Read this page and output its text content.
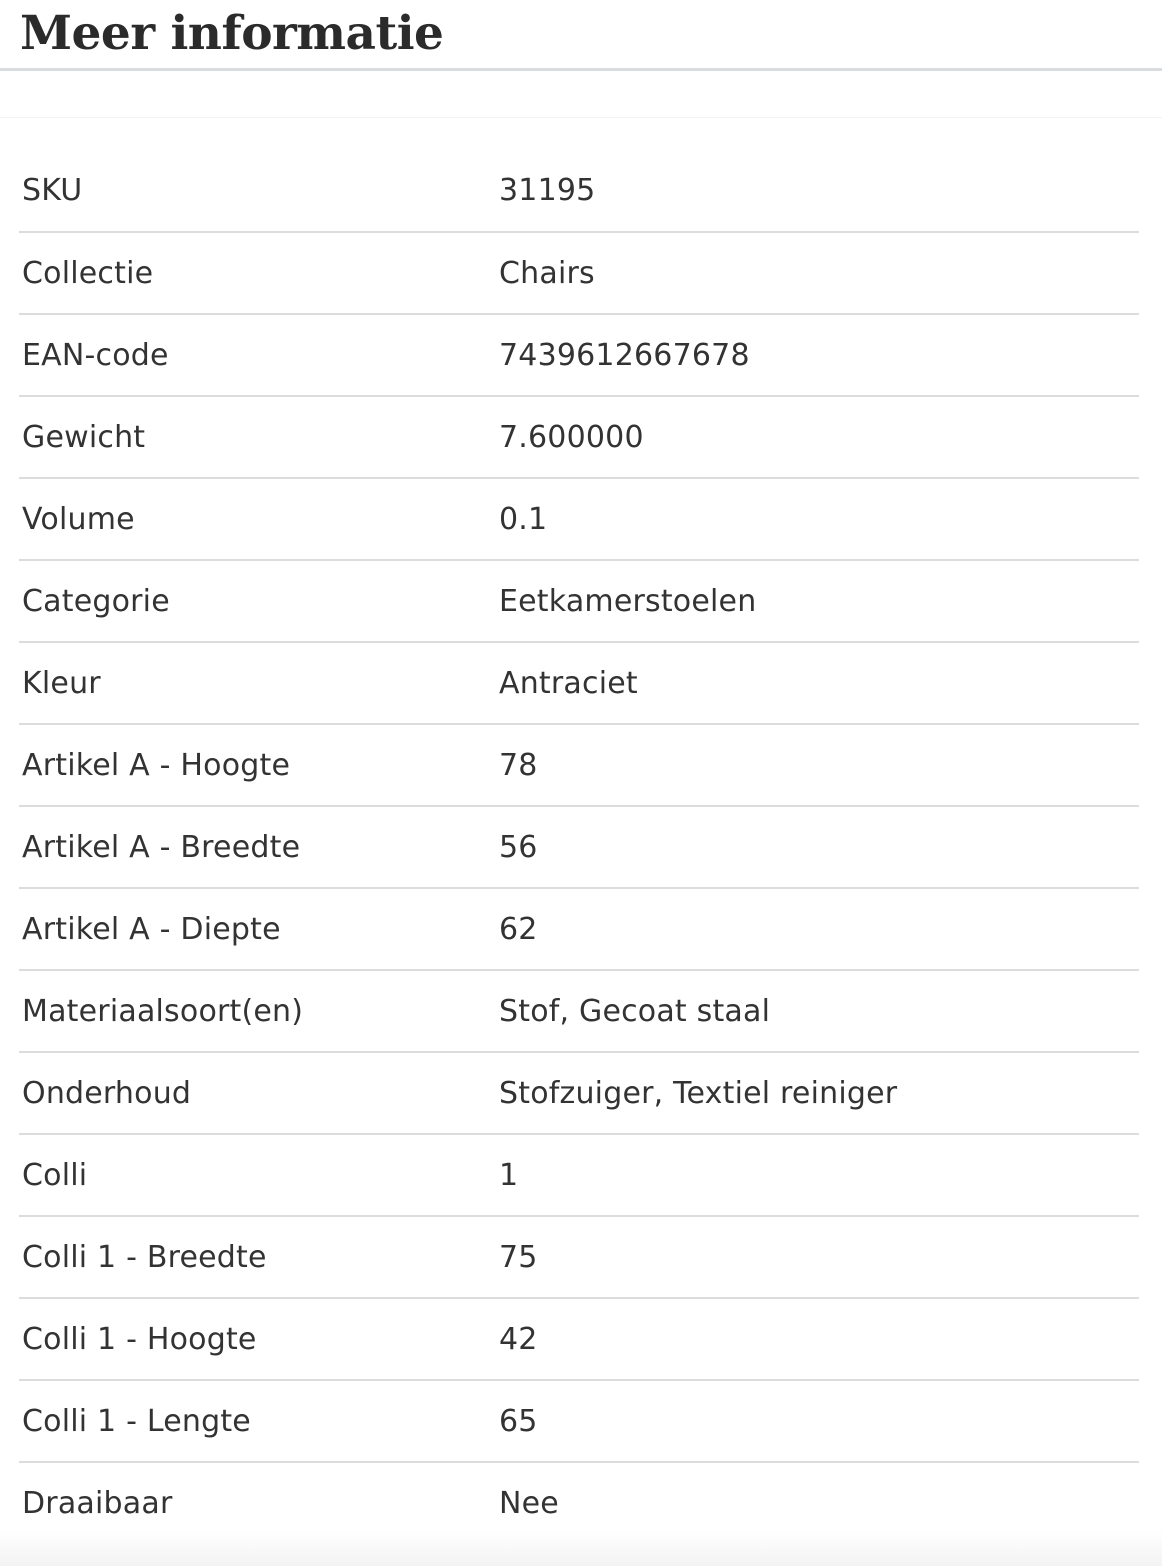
Meer informatie
SKU	31195
Collectie	Chairs
EAN-code	7439612667678
Gewicht	7.600000
Volume	0.1
Categorie	Eetkamerstoelen
Kleur	Antraciet
Artikel A - Hoogte	78
Artikel A - Breedte	56
Artikel A - Diepte	62
Materiaalsoort(en)	Stof, Gecoat staal
Onderhoud	Stofzuiger, Textiel reiniger
Colli	1
Colli 1 - Breedte	75
Colli 1 - Hoogte	42
Colli 1 - Lengte	65
Draaibaar	Nee
